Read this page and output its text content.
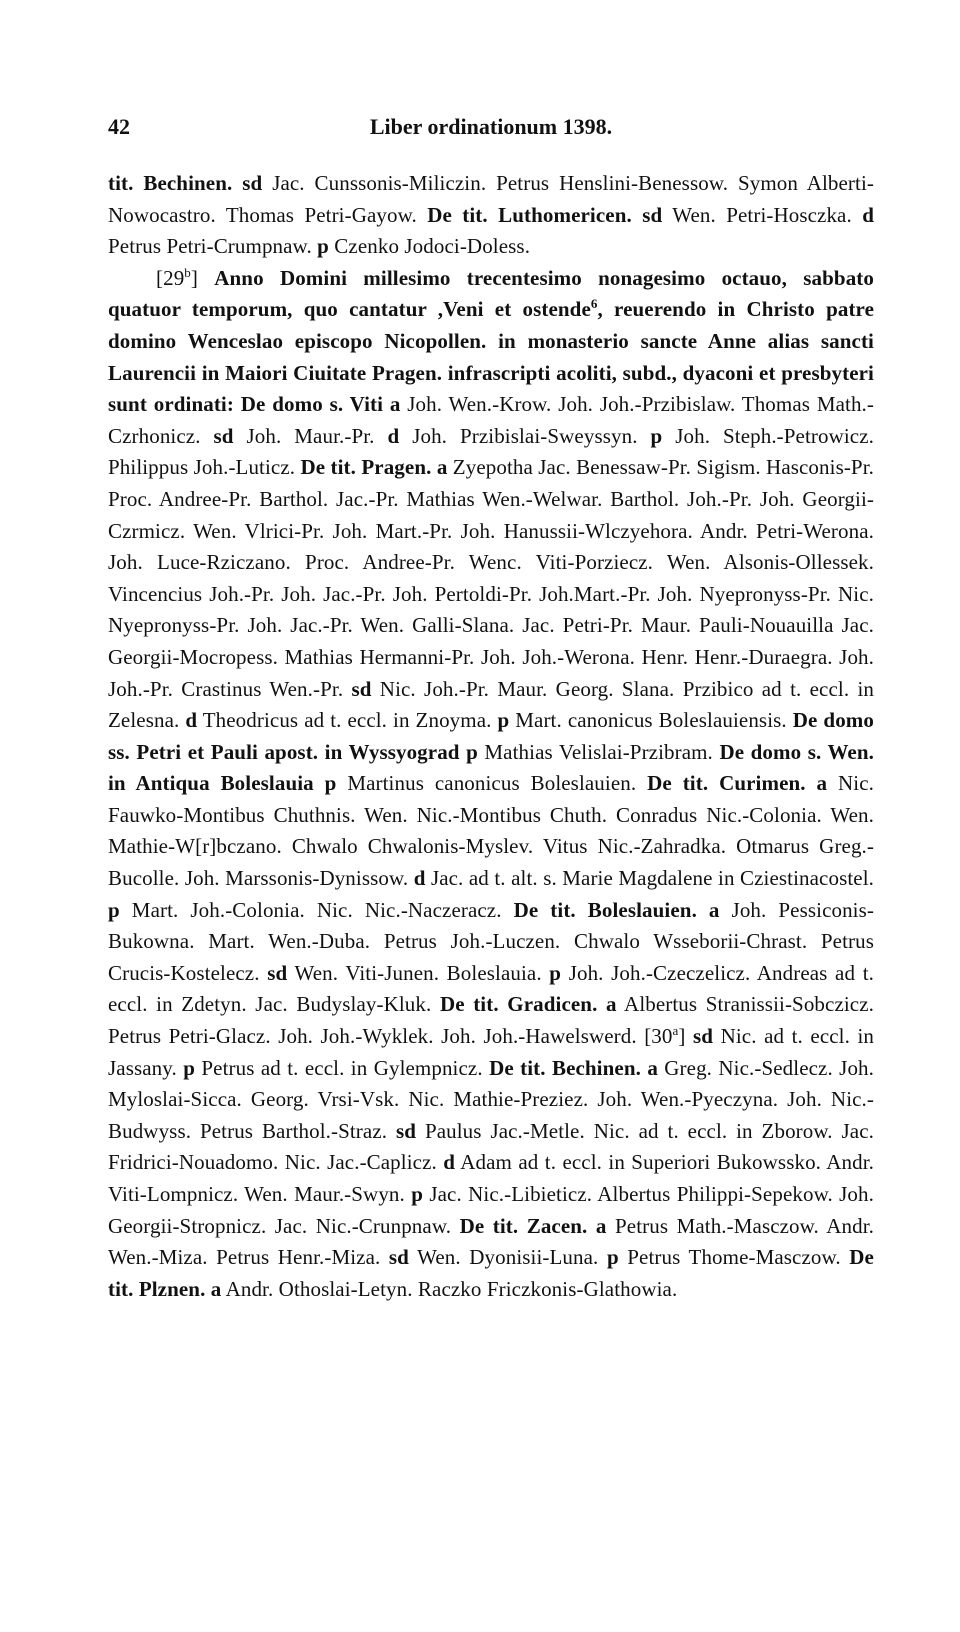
42	Liber ordinationum 1398.

tit. Bechinen. sd Jac. Cunssonis-Miliczin. Petrus Henslini-Benessow. Symon Alberti-Nowocastro. Thomas Petri-Gayow. De tit. Luthomericen. sd Wen. Petri-Hosczka. d Petrus Petri-Crumpnaw. p Czenko Jodoci-Doless.

[29$^b$] Anno Domini millesimo trecentesimo nonagesimo octauo, sabbato quatuor temporum, quo cantatur ,Veni et ostende$^6$, reuerendo in Christo patre domino Wenceslao episcopo Nicopollen. in monasterio sancte Anne alias sancti Laurencii in Maiori Ciuitate Pragen. infrascripti acoliti, subd., dyaconi et presbyteri sunt ordinati: De domo s. Viti a Joh. Wen.-Krow. Joh. Joh.-Przibislaw. Thomas Math.-Czrhonicz. sd Joh. Maur.-Pr. d Joh. Przibislai-Sweyssyn. p Joh. Steph.-Petrowicz. Philippus Joh.-Luticz. De tit. Pragen. a Zyepotha Jac. Benessaw-Pr. Sigism. Hasconis-Pr. Proc. Andree-Pr. Barthol. Jac.-Pr. Mathias Wen.-Welwar. Barthol. Joh.-Pr. Joh. Georgii-Czrmicz. Wen. Vlrici-Pr. Joh. Mart.-Pr. Joh. Hanussii-Wlczyehora. Andr. Petri-Werona. Joh. Luce-Rziczano. Proc. Andree-Pr. Wenc. Viti-Porziecz. Wen. Alsonis-Ollessek. Vincencius Joh.-Pr. Joh. Jac.-Pr. Joh. Pertoldi-Pr. Joh.Mart.-Pr. Joh. Nyepronyss-Pr. Nic. Nyepronyss-Pr. Joh. Jac.-Pr. Wen. Galli-Slana. Jac. Petri-Pr. Maur. Pauli-Nouauilla Jac. Georgii-Mocropess. Mathias Hermanni-Pr. Joh. Joh.-Werona. Henr. Henr.-Duraegra. Joh. Joh.-Pr. Crastinus Wen.-Pr. sd Nic. Joh.-Pr. Maur. Georg. Slana. Przibico ad t. eccl. in Zelesna. d Theodricus ad t. eccl. in Znoyma. p Mart. canonicus Boleslauiensis. De domo ss. Petri et Pauli apost. in Wyssyograd p Mathias Velislai-Przibram. De domo s. Wen. in Antiqua Boleslauia p Martinus canonicus Boleslauien. De tit. Curimen. a Nic. Fauwko-Montibus Chuthnis. Wen. Nic.-Montibus Chuth. Conradus Nic.-Colonia. Wen. Mathie-W[r]bczano. Chwalo Chwalonis-Myslev. Vitus Nic.-Zahradka. Otmarus Greg.-Bucolle. Joh. Marssonis-Dynissow. d Jac. ad t. alt. s. Marie Magdalene in Cziestinacostel. p Mart. Joh.-Colonia. Nic. Nic.-Naczeracz. De tit. Boleslauien. a Joh. Pessiconis-Bukowna. Mart. Wen.-Duba. Petrus Joh.-Luczen. Chwalo Wsseborii-Chrast. Petrus Crucis-Kostelecz. sd Wen. Viti-Junen. Boleslauia. p Joh. Joh.-Czeczelicz. Andreas ad t. eccl. in Zdetyn. Jac. Budyslay-Kluk. De tit. Gradicen. a Albertus Stranissii-Sobczicz. Petrus Petri-Glacz. Joh. Joh.-Wyklek. Joh. Joh.-Hawelswerd. [30$^a$] sd Nic. ad t. eccl. in Jassany. p Petrus ad t. eccl. in Gylempnicz. De tit. Bechinen. a Greg. Nic.-Sedlecz. Joh. Myloslai-Sicca. Georg. Vrsi-Vsk. Nic. Mathie-Preziez. Joh. Wen.-Pyeczyna. Joh. Nic.-Budwyss. Petrus Barthol.-Straz. sd Paulus Jac.-Metle. Nic. ad t. eccl. in Zborow. Jac. Fridrici-Nouadomo. Nic. Jac.-Caplicz. d Adam ad t. eccl. in Superiori Bukowssko. Andr. Viti-Lompnicz. Wen. Maur.-Swyn. p Jac. Nic.-Libieticz. Albertus Philippi-Sepekow. Joh. Georgii-Stropnicz. Jac. Nic.-Crunpnaw. De tit. Zacen. a Petrus Math.-Masczow. Andr. Wen.-Miza. Petrus Henr.-Miza. sd Wen. Dyonisii-Luna. p Petrus Thome-Masczow. De tit. Plznen. a Andr. Othoslai-Letyn. Raczko Friczkonis-Glathowia.
